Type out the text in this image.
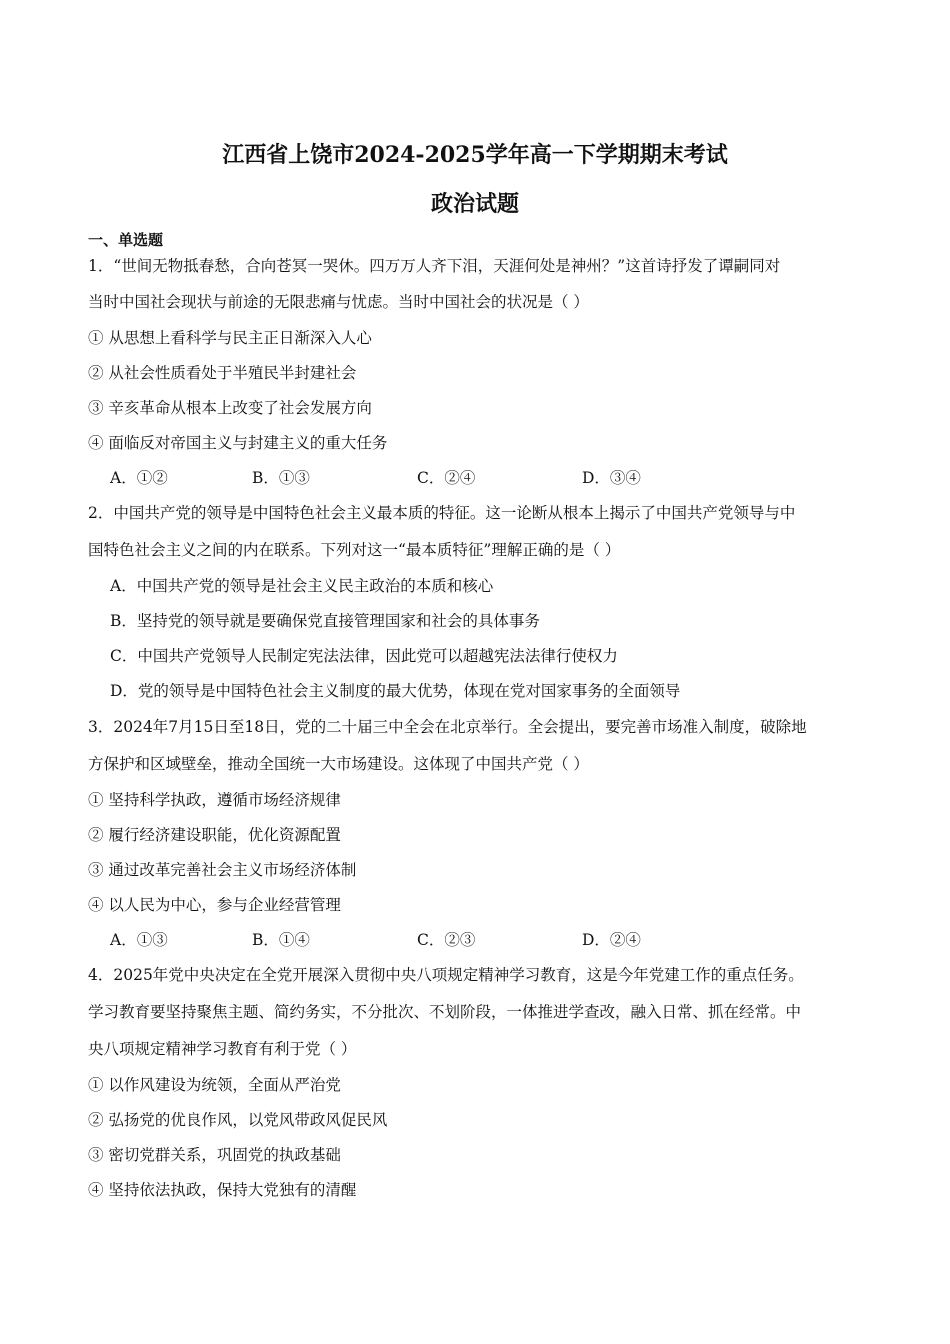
江西省上饶市2024-2025学年高一下学期期末考试
政治试题
一、单选题
1．“世间无物抵春愁，合向苍冥一哭休。四万万人齐下泪，天涯何处是神州？”这首诗抒发了谭嗣同对
当时中国社会现状与前途的无限悲痛与忧虑。当时中国社会的状况是（ ）
① 从思想上看科学与民主正日渐深入人心
② 从社会性质看处于半殖民半封建社会
③ 辛亥革命从根本上改变了社会发展方向
④ 面临反对帝国主义与封建主义的重大任务
A．①②	B．①③	C．②④	D．③④
2．中国共产党的领导是中国特色社会主义最本质的特征。这一论断从根本上揭示了中国共产党领导与中
国特色社会主义之间的内在联系。下列对这一“最本质特征”理解正确的是（ ）
A．中国共产党的领导是社会主义民主政治的本质和核心
B．坚持党的领导就是要确保党直接管理国家和社会的具体事务
C．中国共产党领导人民制定宪法法律，因此党可以超越宪法法律行使权力
D．党的领导是中国特色社会主义制度的最大优势，体现在党对国家事务的全面领导
3．2024年7月15日至18日，党的二十届三中全会在北京举行。全会提出，要完善市场准入制度，破除地
方保护和区域壁垒，推动全国统一大市场建设。这体现了中国共产党（ ）
① 坚持科学执政，遵循市场经济规律
② 履行经济建设职能，优化资源配置
③ 通过改革完善社会主义市场经济体制
④ 以人民为中心，参与企业经营管理
A．①③	B．①④	C．②③	D．②④
4．2025年党中央决定在全党开展深入贯彻中央八项规定精神学习教育，这是今年党建工作的重点任务。
学习教育要坚持聚焦主题、简约务实，不分批次、不划阶段，一体推进学查改，融入日常、抓在经常。中
央八项规定精神学习教育有利于党（ ）
① 以作风建设为统领，全面从严治党
② 弘扬党的优良作风，以党风带政风促民风
③ 密切党群关系，巩固党的执政基础
④ 坚持依法执政，保持大党独有的清醒
